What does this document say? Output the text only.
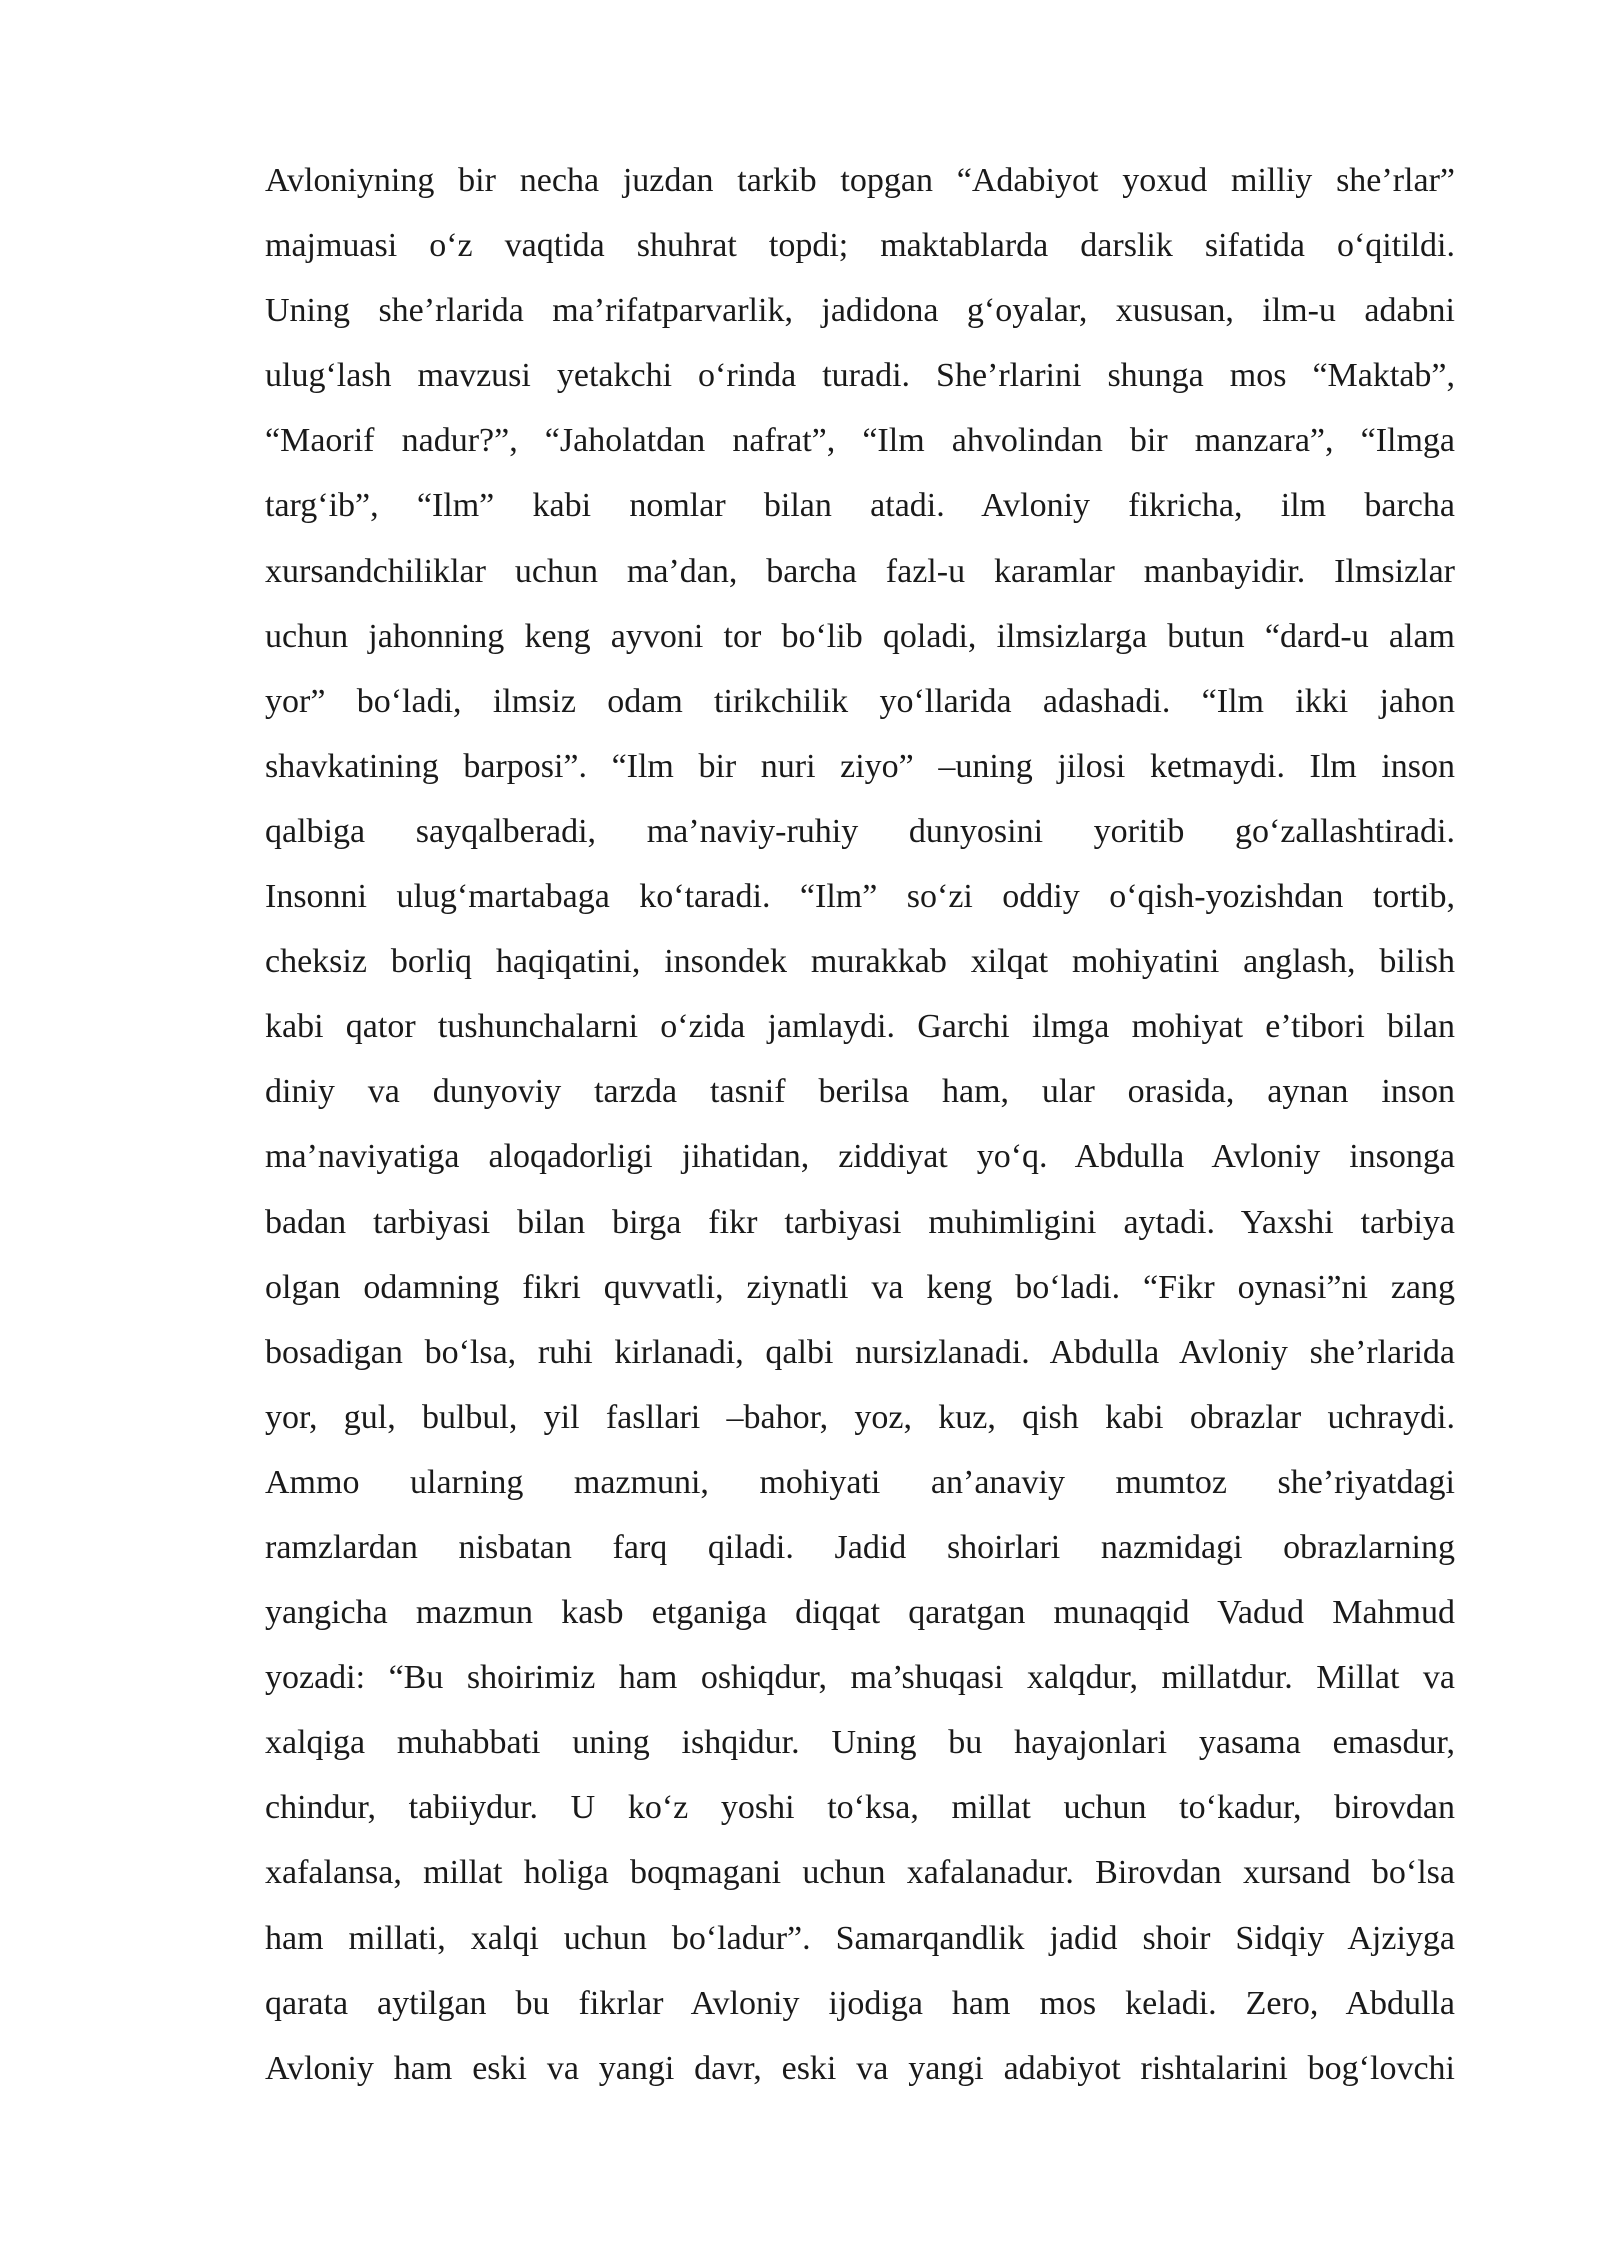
Avloniyning bir necha juzdan tarkib topgan “Adabiyot yoxud milliy she’rlar”
majmuasi o‘z vaqtida shuhrat topdi; maktablarda darslik sifatida o‘qitildi.
Uning she’rlarida ma’rifatparvarlik, jadidona g‘oyalar, xususan, ilm-u adabni
ulug‘lash mavzusi yetakchi o‘rinda turadi. She’rlarini shunga mos “Maktab”,
“Maorif nadur?”, “Jaholatdan nafrat”, “Ilm ahvolindan bir manzara”, “Ilmga
targ‘ib”, “Ilm” kabi nomlar bilan atadi. Avloniy fikricha, ilm barcha
xursandchiliklar uchun ma’dan, barcha fazl-u karamlar manbayidir. Ilmsizlar
uchun jahonning keng ayvoni tor bo‘lib qoladi, ilmsizlarga butun “dard-u alam
yor” bo‘ladi, ilmsiz odam tirikchilik yo‘llarida adashadi. “Ilm ikki jahon
shavkatining barposi”. “Ilm bir nuri ziyo” –uning jilosi ketmaydi. Ilm inson
qalbiga sayqalberadi, ma’naviy-ruhiy dunyosini yoritib go‘zallashtiradi.
Insonni ulug‘martabaga ko‘taradi. “Ilm” so‘zi oddiy o‘qish-yozishdan tortib,
cheksiz borliq haqiqatini, insondek murakkab xilqat mohiyatini anglash, bilish
kabi qator tushunchalarni o‘zida jamlaydi. Garchi ilmga mohiyat e’tibori bilan
diniy va dunyoviy tarzda tasnif berilsa ham, ular orasida, aynan inson
ma’naviyatiga aloqadorligi jihatidan, ziddiyat yo‘q. Abdulla Avloniy insonga
badan tarbiyasi bilan birga fikr tarbiyasi muhimligini aytadi. Yaxshi tarbiya
olgan odamning fikri quvvatli, ziynatli va keng bo‘ladi. “Fikr oynasi”ni zang
bosadigan bo‘lsa, ruhi kirlanadi, qalbi nursizlanadi. Abdulla Avloniy she’rlarida
yor, gul, bulbul, yil fasllari –bahor, yoz, kuz, qish kabi obrazlar uchraydi.
Ammo ularning mazmuni, mohiyati an’anaviy mumtoz she’riyatdagi
ramzlardan nisbatan farq qiladi. Jadid shoirlari nazmidagi obrazlarning
yangicha mazmun kasb etganiga diqqat qaratgan munaqqid Vadud Mahmud
yozadi: “Bu shoirimiz ham oshiqdur, ma’shuqasi xalqdur, millatdur. Millat va
xalqiga muhabbati uning ishqidur. Uning bu hayajonlari yasama emasdur,
chindur, tabiiydur. U ko‘z yoshi to‘ksa, millat uchun to‘kadur, birovdan
xafalansa, millat holiga boqmagani uchun xafalanadur. Birovdan xursand bo‘lsa
ham millati, xalqi uchun bo‘ladur”. Samarqandlik jadid shoir Sidqiy Ajziyga
qarata aytilgan bu fikrlar Avloniy ijodiga ham mos keladi. Zero, Abdulla
Avloniy ham eski va yangi davr, eski va yangi adabiyot rishtalarini bog‘lovchi
